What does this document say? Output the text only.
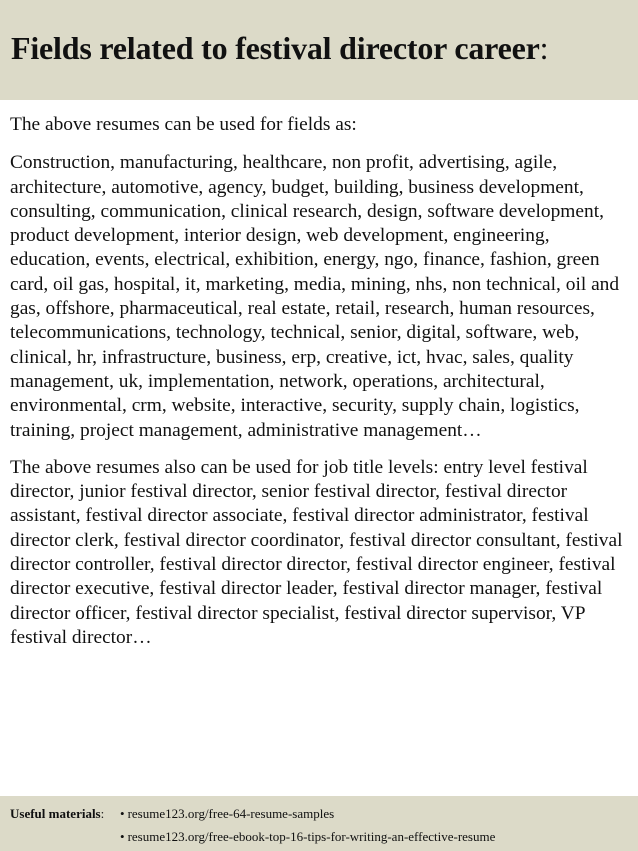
Fields related to festival director career:

The above resumes can be used for fields as:

Construction, manufacturing, healthcare, non profit, advertising, agile, architecture, automotive, agency, budget, building, business development, consulting, communication, clinical research, design, software development, product development, interior design, web development, engineering, education, events, electrical, exhibition, energy, ngo, finance, fashion, green card, oil gas, hospital, it, marketing, media, mining, nhs, non technical, oil and gas, offshore, pharmaceutical, real estate, retail, research, human resources, telecommunications, technology, technical, senior, digital, software, web, clinical, hr, infrastructure, business, erp, creative, ict, hvac, sales, quality management, uk, implementation, network, operations, architectural, environmental, crm, website, interactive, security, supply chain, logistics, training, project management, administrative management…

The above resumes also can be used for job title levels: entry level festival director, junior festival director, senior festival director, festival director assistant, festival director associate, festival director administrator, festival director clerk, festival director coordinator, festival director consultant, festival director controller, festival director director, festival director engineer, festival director executive, festival director leader, festival director manager, festival director officer, festival director specialist, festival director supervisor, VP festival director…

Useful materials: • resume123.org/free-64-resume-samples
• resume123.org/free-ebook-top-16-tips-for-writing-an-effective-resume
